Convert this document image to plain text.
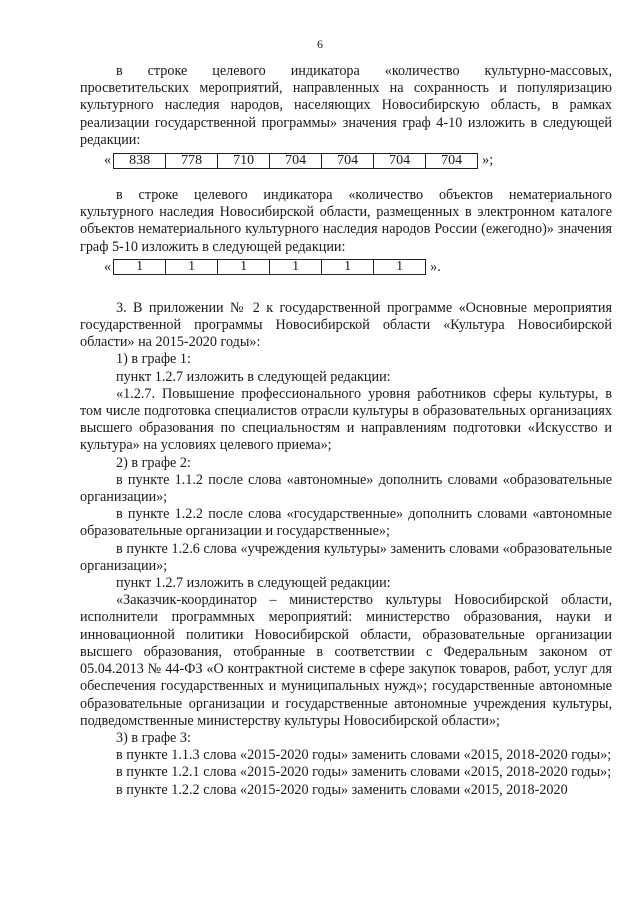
6

в строке целевого индикатора «количество культурно-массовых, просветительских мероприятий, направленных на сохранность и популяризацию культурного наследия народов, населяющих Новосибирскую область, в рамках реализации государственной программы» значения граф 4-10 изложить в следующей редакции:

« 838	778	710	704	704	704	704 »;

в строке целевого индикатора «количество объектов нематериального культурного наследия Новосибирской области, размещенных в электронном каталоге объектов нематериального культурного наследия народов России (ежегодно)» значения граф 5-10 изложить в следующей редакции:

« 1	1	1	1	1	1 ».

3. В приложении № 2 к государственной программе «Основные мероприятия государственной программы Новосибирской области «Культура Новосибирской области» на 2015-2020 годы»:

1) в графе 1:

пункт 1.2.7 изложить в следующей редакции:

«1.2.7. Повышение профессионального уровня работников сферы культуры, в том числе подготовка специалистов отрасли культуры в образовательных организациях высшего образования по специальностям и направлениям подготовки «Искусство и культура» на условиях целевого приема»;

2) в графе 2:

в пункте 1.1.2 после слова «автономные» дополнить словами «образовательные организации»;

в пункте 1.2.2 после слова «государственные» дополнить словами «автономные образовательные организации и государственные»;

в пункте 1.2.6 слова «учреждения культуры» заменить словами «образовательные организации»;

пункт 1.2.7 изложить в следующей редакции:

«Заказчик-координатор – министерство культуры Новосибирской области, исполнители программных мероприятий: министерство образования, науки и инновационной политики Новосибирской области, образовательные организации высшего образования, отобранные в соответствии с Федеральным законом от 05.04.2013 № 44-ФЗ «О контрактной системе в сфере закупок товаров, работ, услуг для обеспечения государственных и муниципальных нужд»; государственные автономные образовательные организации и государственные автономные учреждения культуры, подведомственные министерству культуры Новосибирской области»;

3) в графе 3:

в пункте 1.1.3 слова «2015-2020 годы» заменить словами «2015, 2018-2020 годы»;

в пункте 1.2.1 слова «2015-2020 годы» заменить словами «2015, 2018-2020 годы»;

в пункте 1.2.2 слова «2015-2020 годы» заменить словами «2015, 2018-2020
